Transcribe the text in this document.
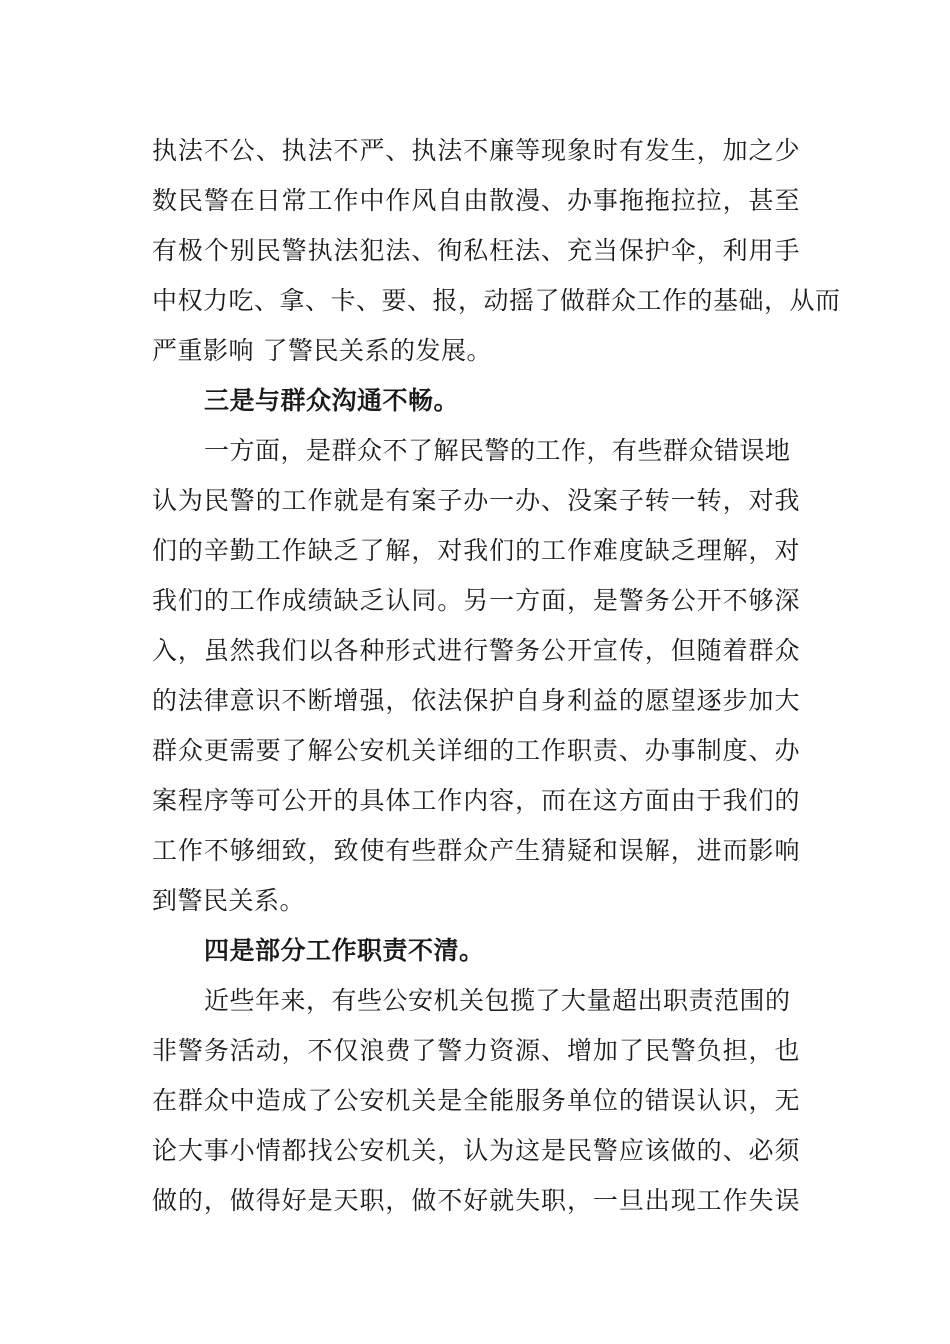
执法不公、执法不严、执法不廉等现象时有发生，加之少
数民警在日常工作中作风自由散漫、办事拖拖拉拉，甚至
有极个别民警执法犯法、徇私枉法、充当保护伞，利用手
中权力吃、拿、卡、要、报，动摇了做群众工作的基础，从而
严重影响 了警民关系的发展。
三是与群众沟通不畅。
一方面，是群众不了解民警的工作，有些群众错误地
认为民警的工作就是有案子办一办、没案子转一转，对我
们的辛勤工作缺乏了解，对我们的工作难度缺乏理解，对
我们的工作成绩缺乏认同。另一方面，是警务公开不够深
入，虽然我们以各种形式进行警务公开宣传，但随着群众
的法律意识不断增强，依法保护自身利益的愿望逐步加大
群众更需要了解公安机关详细的工作职责、办事制度、办
案程序等可公开的具体工作内容，而在这方面由于我们的
工作不够细致，致使有些群众产生猜疑和误解，进而影响
到警民关系。
四是部分工作职责不清。
近些年来，有些公安机关包揽了大量超出职责范围的
非警务活动，不仅浪费了警力资源、增加了民警负担，也
在群众中造成了公安机关是全能服务单位的错误认识，无
论大事小情都找公安机关，认为这是民警应该做的、必须
做的，做得好是天职，做不好就失职，一旦出现工作失误
